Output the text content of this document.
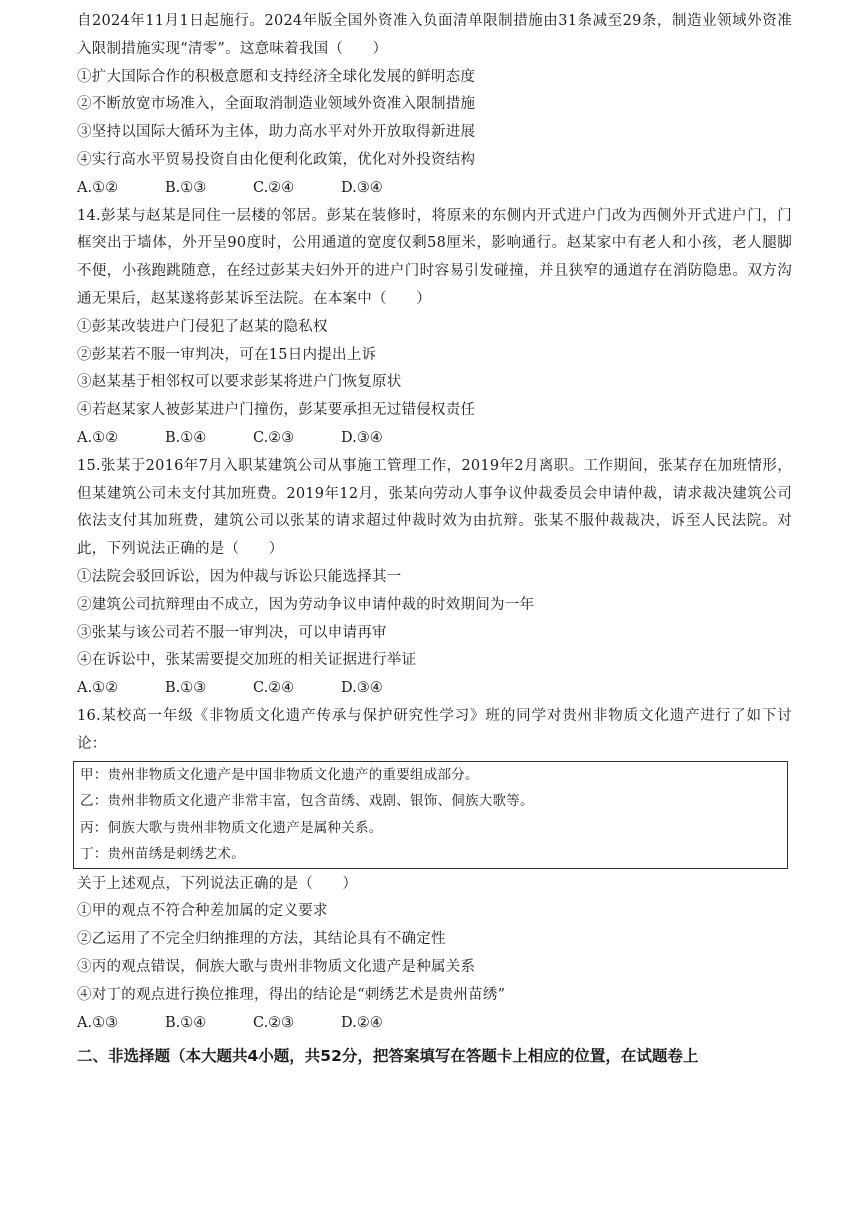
自2024年11月1日起施行。2024年版全国外资准入负面清单限制措施由31条减至29条，制造业领域外资准入限制措施实现“清零”。这意味着我国（　　）

①扩大国际合作的积极意愿和支持经济全球化发展的鲜明态度

②不断放宽市场准入，全面取消制造业领域外资准入限制措施

③坚持以国际大循环为主体，助力高水平对外开放取得新进展

④实行高水平贸易投资自由化便利化政策，优化对外投资结构

A.①②	B.①③	C.②④	D.③④

14.彭某与赵某是同住一层楼的邻居。彭某在装修时，将原来的东侧内开式进户门改为西侧外开式进户门，门框突出于墙体，外开呈90度时，公用通道的宽度仅剩58厘米，影响通行。赵某家中有老人和小孩，老人腿脚不便，小孩跑跳随意，在经过彭某夫妇外开的进户门时容易引发碰撞，并且狭窄的通道存在消防隐患。双方沟通无果后，赵某遂将彭某诉至法院。在本案中（　　）

①彭某改装进户门侵犯了赵某的隐私权

②彭某若不服一审判决，可在15日内提出上诉

③赵某基于相邻权可以要求彭某将进户门恢复原状

④若赵某家人被彭某进户门撞伤，彭某要承担无过错侵权责任

A.①②	B.①④	C.②③	D.③④

15.张某于2016年7月入职某建筑公司从事施工管理工作，2019年2月离职。工作期间，张某存在加班情形，但某建筑公司未支付其加班费。2019年12月，张某向劳动人事争议仲裁委员会申请仲裁，请求裁决建筑公司依法支付其加班费，建筑公司以张某的请求超过仲裁时效为由抗辩。张某不服仲裁裁决，诉至人民法院。对此，下列说法正确的是（　　）

①法院会驳回诉讼，因为仲裁与诉讼只能选择其一

②建筑公司抗辩理由不成立，因为劳动争议申请仲裁的时效期间为一年

③张某与该公司若不服一审判决，可以申请再审

④在诉讼中，张某需要提交加班的相关证据进行举证

A.①②	B.①③	C.②④	D.③④

16.某校高一年级《非物质文化遗产传承与保护研究性学习》班的同学对贵州非物质文化遗产进行了如下讨论：

甲：贵州非物质文化遗产是中国非物质文化遗产的重要组成部分。

乙：贵州非物质文化遗产非常丰富，包含苗绣、戏剧、银饰、侗族大歌等。

丙：侗族大歌与贵州非物质文化遗产是属种关系。

丁：贵州苗绣是刺绣艺术。

关于上述观点，下列说法正确的是（　　）

①甲的观点不符合种差加属的定义要求

②乙运用了不完全归纳推理的方法，其结论具有不确定性

③丙的观点错误，侗族大歌与贵州非物质文化遗产是种属关系

④对丁的观点进行换位推理，得出的结论是“刺绣艺术是贵州苗绣”

A.①③	B.①④	C.②③	D.②④

二、非选择题（本大题共4小题，共52分，把答案填写在答题卡上相应的位置，在试题卷上
